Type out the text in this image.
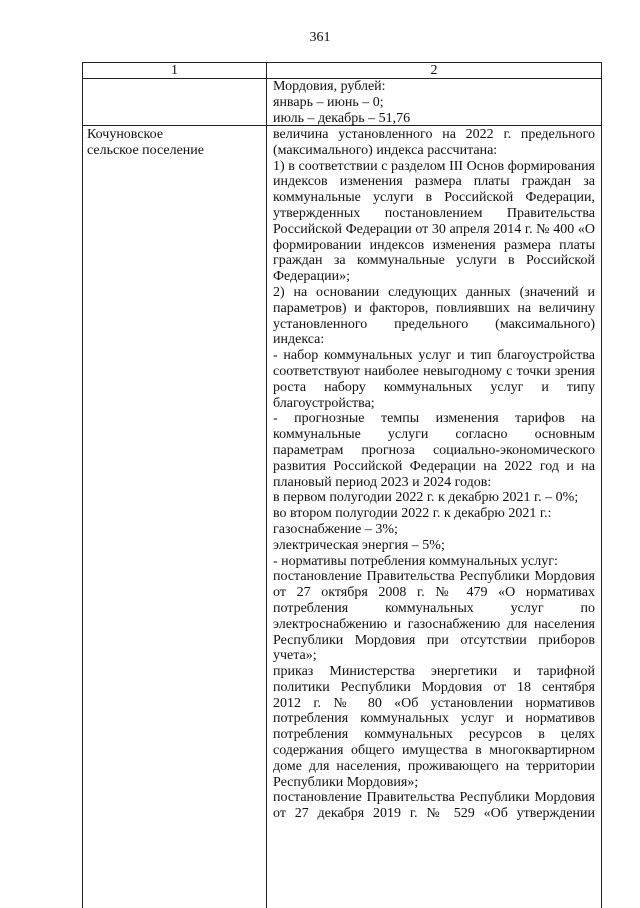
361
1	2
Мордовия, рублей:
январь – июнь – 0;
июль – декабрь – 51,76
Кочуновское
сельское поселение
величина установленного на 2022 г. предельного
(максимального) индекса рассчитана:
1) в соответствии с разделом III Основ формирования
индексов изменения размера платы граждан за
коммунальные услуги в Российской Федерации,
утвержденных постановлением Правительства
Российской Федерации от 30 апреля 2014 г. № 400 «О
формировании индексов изменения размера платы
граждан за коммунальные услуги в Российской
Федерации»;
2) на основании следующих данных (значений и
параметров) и факторов, повлиявших на величину
установленного предельного (максимального)
индекса:
- набор коммунальных услуг и тип благоустройства
соответствуют наиболее невыгодному с точки зрения
роста набору коммунальных услуг и типу
благоустройства;
- прогнозные темпы изменения тарифов на
коммунальные услуги согласно основным
параметрам прогноза социально-экономического
развития Российской Федерации на 2022 год и на
плановый период 2023 и 2024 годов:
в первом полугодии 2022 г. к декабрю 2021 г. – 0%;
во втором полугодии 2022 г. к декабрю 2021 г.:
газоснабжение – 3%;
электрическая энергия – 5%;
- нормативы потребления коммунальных услуг:
постановление Правительства Республики Мордовия
от 27 октября 2008 г. № 479 «О нормативах
потребления коммунальных услуг по
электроснабжению и газоснабжению для населения
Республики Мордовия при отсутствии приборов
учета»;
приказ Министерства энергетики и тарифной
политики Республики Мордовия от 18 сентября
2012 г. № 80 «Об установлении нормативов
потребления коммунальных услуг и нормативов
потребления коммунальных ресурсов в целях
содержания общего имущества в многоквартирном
доме для населения, проживающего на территории
Республики Мордовия»;
постановление Правительства Республики Мордовия
от 27 декабря 2019 г. № 529 «Об утверждении
